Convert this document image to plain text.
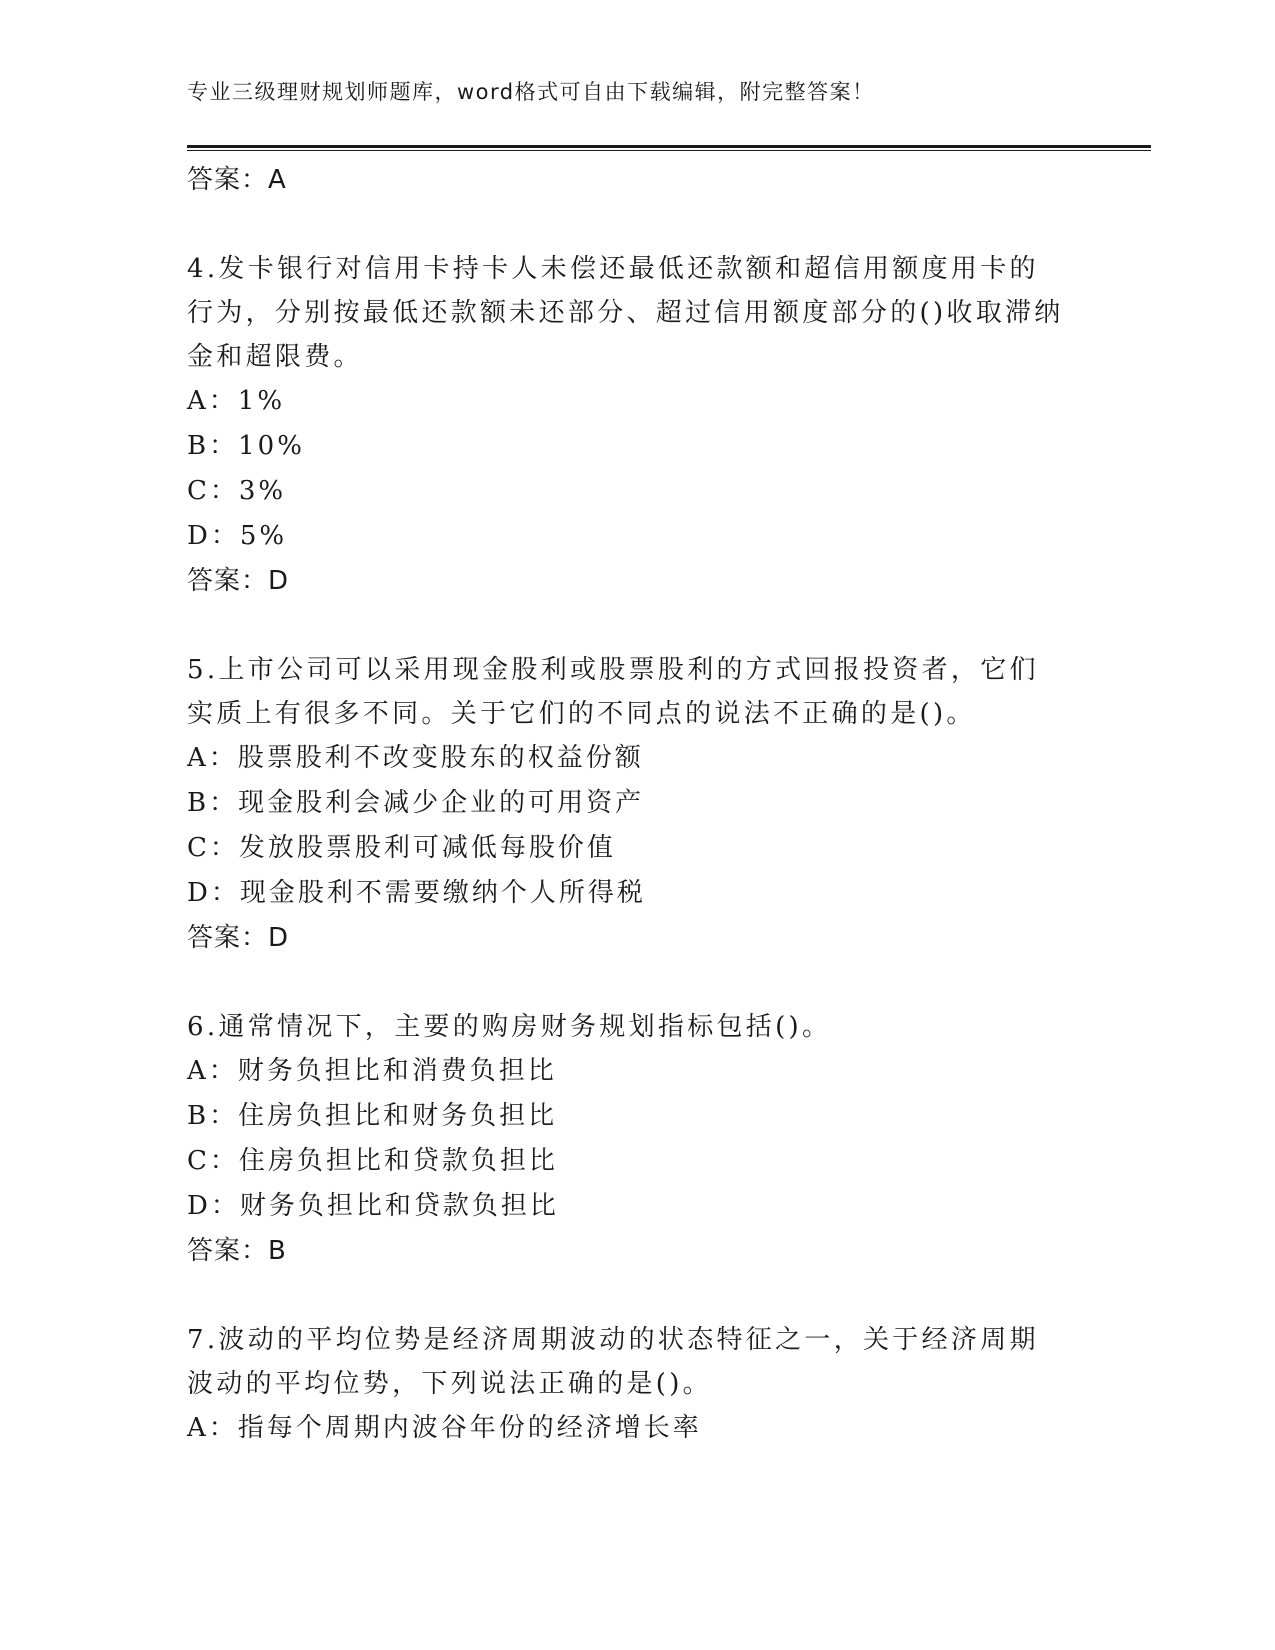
专业三级理财规划师题库，word格式可自由下载编辑，附完整答案！
答案：A
4.发卡银行对信用卡持卡人未偿还最低还款额和超信用额度用卡的行为，分别按最低还款额未还部分、超过信用额度部分的()收取滞纳金和超限费。
A：1%
B：10%
C：3%
D：5%
答案：D
5.上市公司可以采用现金股利或股票股利的方式回报投资者，它们实质上有很多不同。关于它们的不同点的说法不正确的是()。
A：股票股利不改变股东的权益份额
B：现金股利会减少企业的可用资产
C：发放股票股利可减低每股价值
D：现金股利不需要缴纳个人所得税
答案：D
6.通常情况下，主要的购房财务规划指标包括()。
A：财务负担比和消费负担比
B：住房负担比和财务负担比
C：住房负担比和贷款负担比
D：财务负担比和贷款负担比
答案：B
7.波动的平均位势是经济周期波动的状态特征之一，关于经济周期波动的平均位势，下列说法正确的是()。
A：指每个周期内波谷年份的经济增长率
